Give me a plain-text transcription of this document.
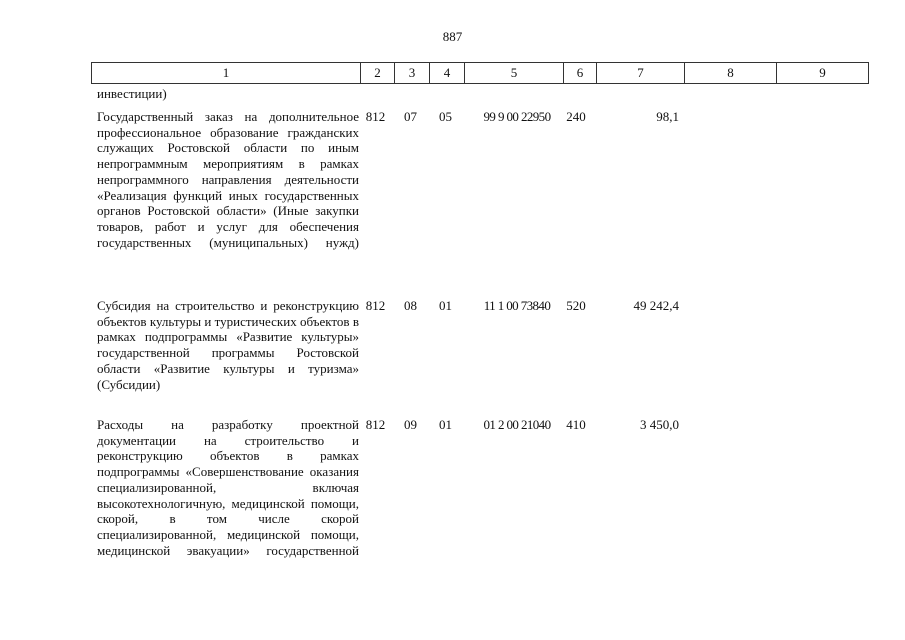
887
1	2	3	4	5	6	7	8	9
инвестиции)
Государственный заказ на дополнительное профессиональное образование гражданских служащих Ростовской области по иным непрограммным мероприятиям в рамках непрограммного направления деятельности «Реализация функций иных государственных органов Ростовской области» (Иные закупки товаров, работ и услуг для обеспечения государственных (муниципальных) нужд)
812	07	05	99 9 00 22950	240	98,1
Субсидия на строительство и реконструкцию объектов культуры и туристических объектов в рамках подпрограммы «Развитие культуры» государственной программы Ростовской области «Развитие культуры и туризма» (Субсидии)
812	08	01	11 1 00 73840	520	49 242,4
Расходы на разработку проектной документации на строительство и реконструкцию объектов в рамках подпрограммы «Совершенствование оказания специализированной, включая высокотехнологичную, медицинской помощи, скорой, в том числе скорой специализированной, медицинской помощи, медицинской эвакуации» государственной
812	09	01	01 2 00 21040	410	3 450,0
